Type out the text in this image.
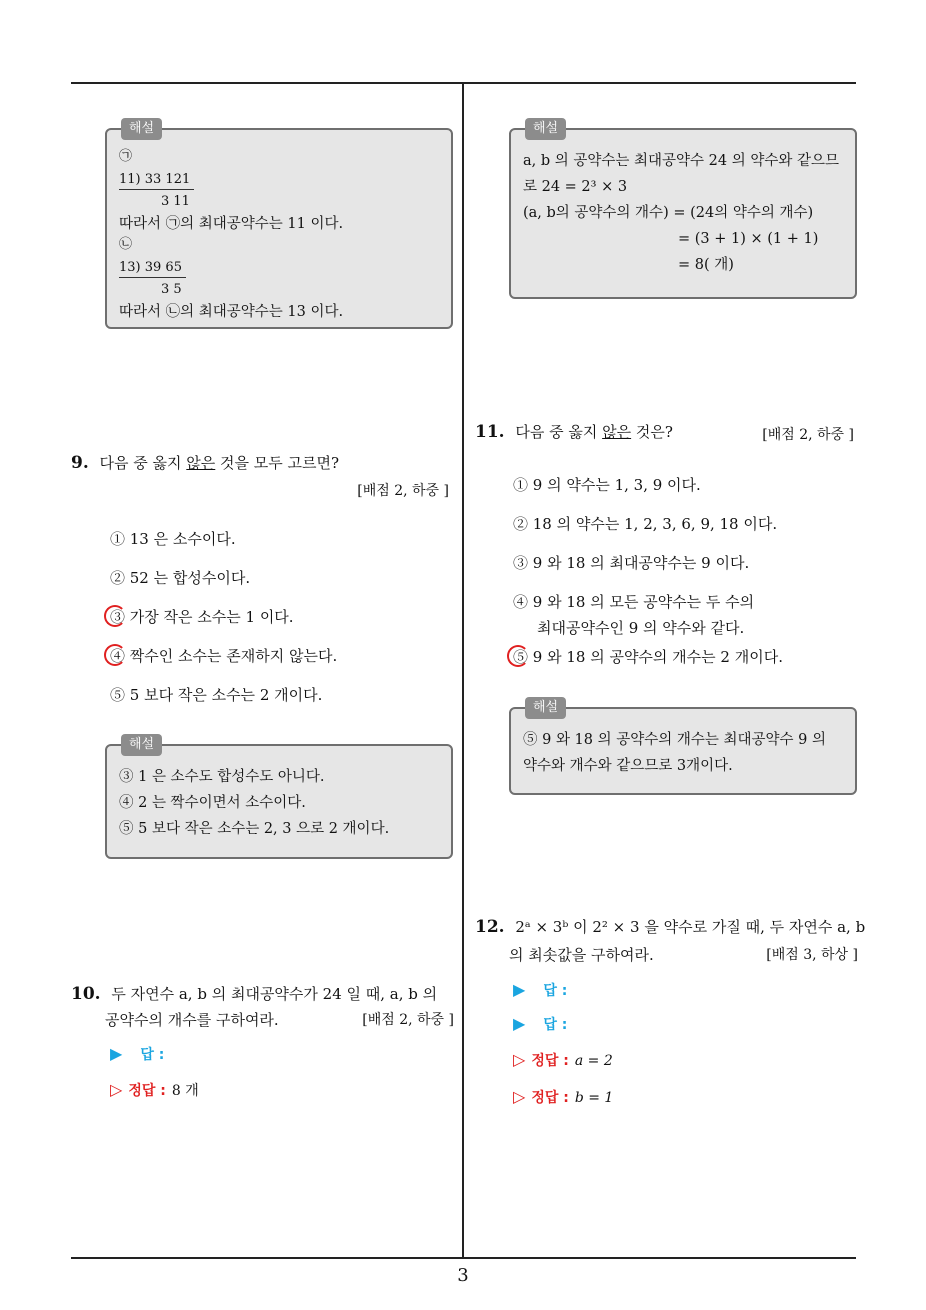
해설
㉠
11) 33 121
3 11
따라서 ㉠의 최대공약수는 11 이다.
㉡
13) 39 65
3 5
따라서 ㉡의 최대공약수는 13 이다.
해설
a, b 의 공약수는 최대공약수 24 의 약수와 같으므
로 24 = 2³ × 3
(a, b의 공약수의 개수) = (24의 약수의 개수)
= (3 + 1) × (1 + 1)
= 8( 개)
9. 다음 중 옳지 않은 것을 모두 고르면?
[배점 2, 하중 ]
① 13 은 소수이다.
② 52 는 합성수이다.
③ 가장 작은 소수는 1 이다.
④ 짝수인 소수는 존재하지 않는다.
⑤ 5 보다 작은 소수는 2 개이다.
해설
③ 1 은 소수도 합성수도 아니다.
④ 2 는 짝수이면서 소수이다.
⑤ 5 보다 작은 소수는 2, 3 으로 2 개이다.
10. 두 자연수 a, b 의 최대공약수가 24 일 때, a, b 의
공약수의 개수를 구하여라.	[배점 2, 하중 ]
▶ 답 :
▷ 정답 : 8 개
11. 다음 중 옳지 않은 것은?	[배점 2, 하중 ]
① 9 의 약수는 1, 3, 9 이다.
② 18 의 약수는 1, 2, 3, 6, 9, 18 이다.
③ 9 와 18 의 최대공약수는 9 이다.
④ 9 와 18 의 모든 공약수는 두 수의
최대공약수인 9 의 약수와 같다.
⑤ 9 와 18 의 공약수의 개수는 2 개이다.
해설
⑤ 9 와 18 의 공약수의 개수는 최대공약수 9 의
약수와 개수와 같으므로 3개이다.
12. 2ᵃ × 3ᵇ 이 2² × 3 을 약수로 가질 때, 두 자연수 a, b
의 최솟값을 구하여라.	[배점 3, 하상 ]
▶ 답 :
▶ 답 :
▷ 정답 : a = 2
▷ 정답 : b = 1
3
